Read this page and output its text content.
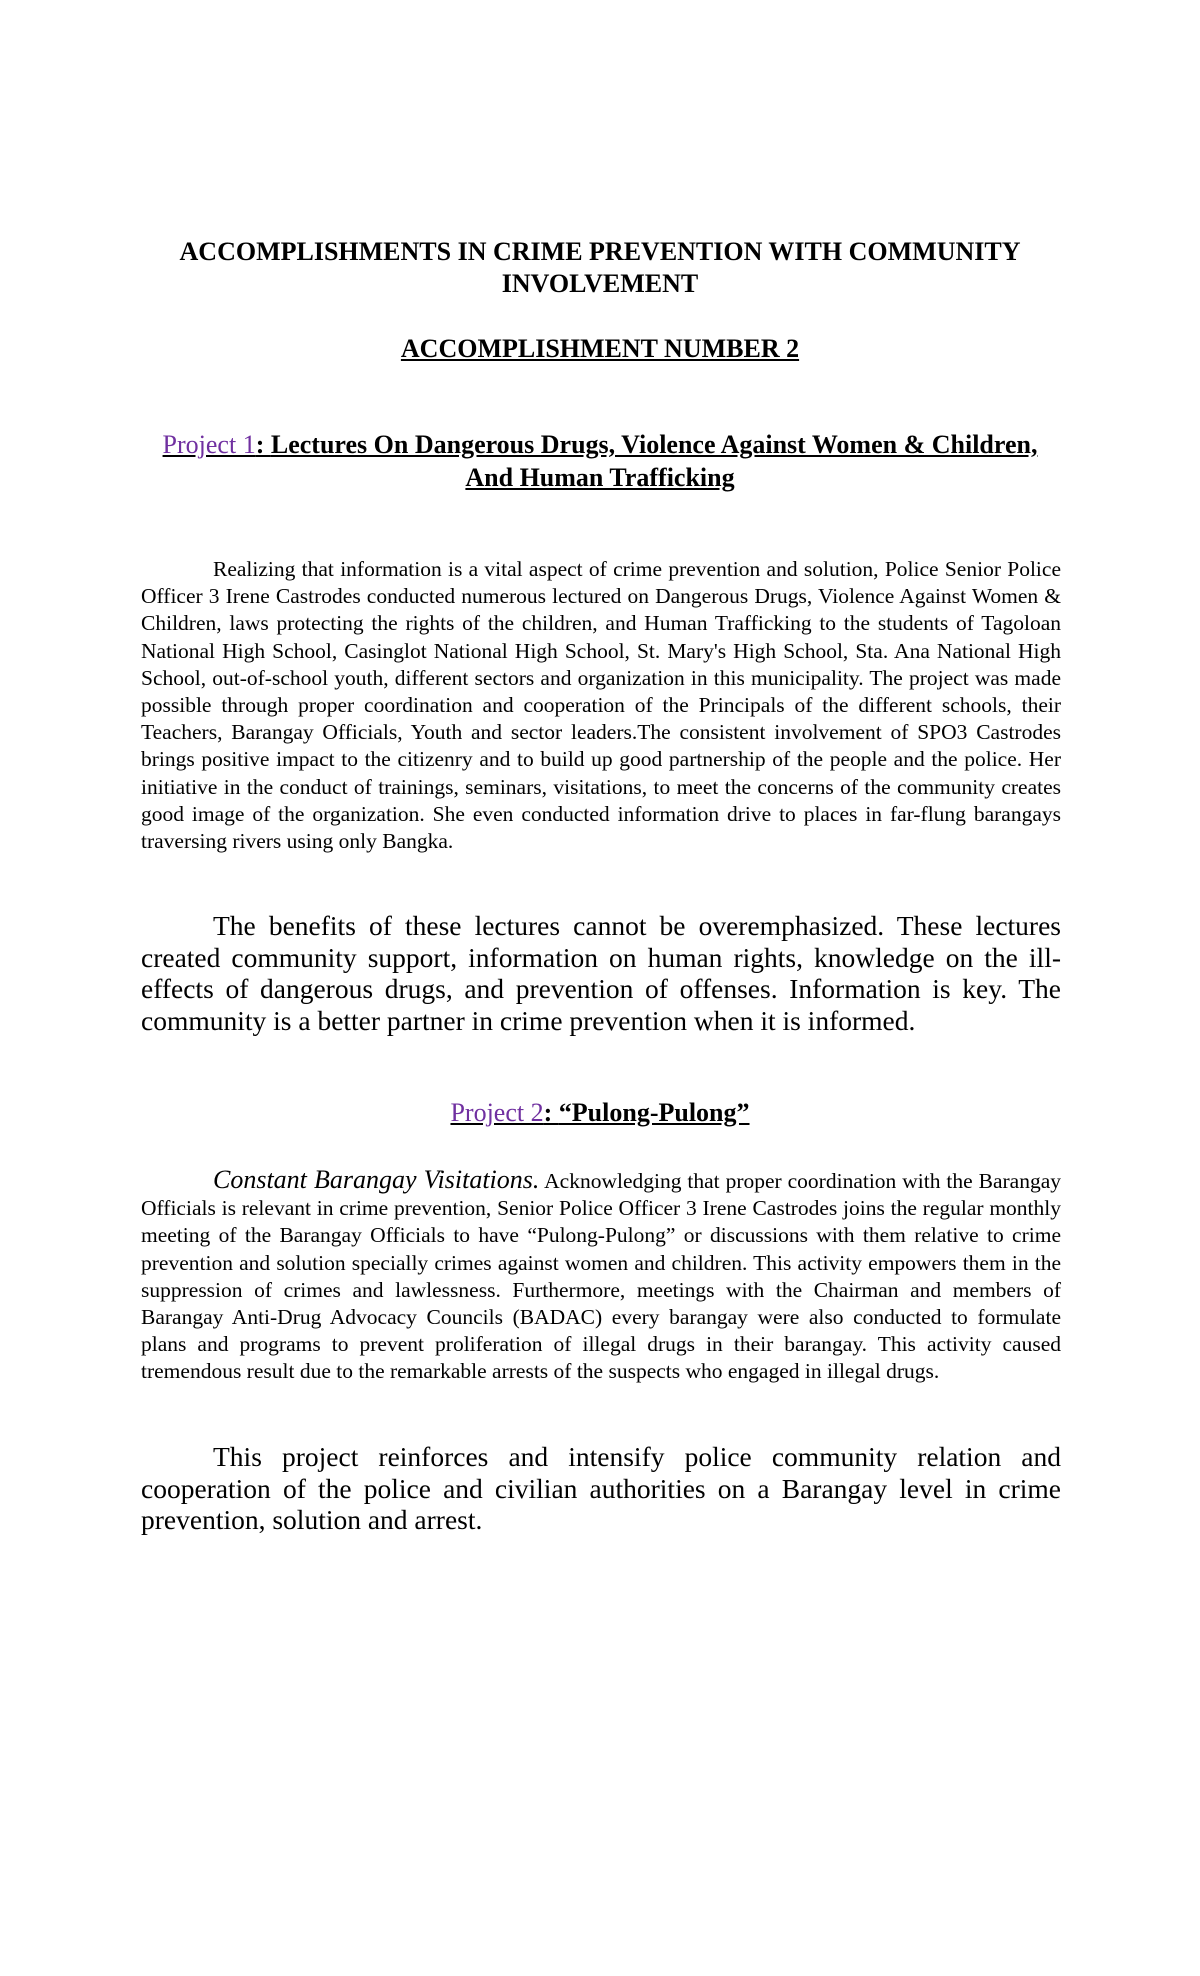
ACCOMPLISHMENTS IN CRIME PREVENTION WITH COMMUNITY INVOLVEMENT
ACCOMPLISHMENT NUMBER 2
Project 1: Lectures On Dangerous Drugs, Violence Against Women & Children, And Human Trafficking

Realizing that information is a vital aspect of crime prevention and solution, Police Senior Police Officer 3 Irene Castrodes conducted numerous lectured on Dangerous Drugs, Violence Against Women & Children, laws protecting the rights of the children, and Human Trafficking to the students of Tagoloan National High School, Casinglot National High School, St. Mary's High School, Sta. Ana National High School, out-of-school youth, different sectors and organization in this municipality. The project was made possible through proper coordination and cooperation of the Principals of the different schools, their Teachers, Barangay Officials, Youth and sector leaders.The consistent involvement of SPO3 Castrodes brings positive impact to the citizenry and to build up good partnership of the people and the police. Her initiative in the conduct of trainings, seminars, visitations, to meet the concerns of the community creates good image of the organization. She even conducted information drive to places in far-flung barangays traversing rivers using only Bangka.

The benefits of these lectures cannot be overemphasized. These lectures created community support, information on human rights, knowledge on the ill-effects of dangerous drugs, and prevention of offenses. Information is key. The community is a better partner in crime prevention when it is informed.

Project 2: “Pulong-Pulong”

Constant Barangay Visitations. Acknowledging that proper coordination with the Barangay Officials is relevant in crime prevention, Senior Police Officer 3 Irene Castrodes joins the regular monthly meeting of the Barangay Officials to have “Pulong-Pulong” or discussions with them relative to crime prevention and solution specially crimes against women and children. This activity empowers them in the suppression of crimes and lawlessness. Furthermore, meetings with the Chairman and members of Barangay Anti-Drug Advocacy Councils (BADAC) every barangay were also conducted to formulate plans and programs to prevent proliferation of illegal drugs in their barangay. This activity caused tremendous result due to the remarkable arrests of the suspects who engaged in illegal drugs.

This project reinforces and intensify police community relation and cooperation of the police and civilian authorities on a Barangay level in crime prevention, solution and arrest.
